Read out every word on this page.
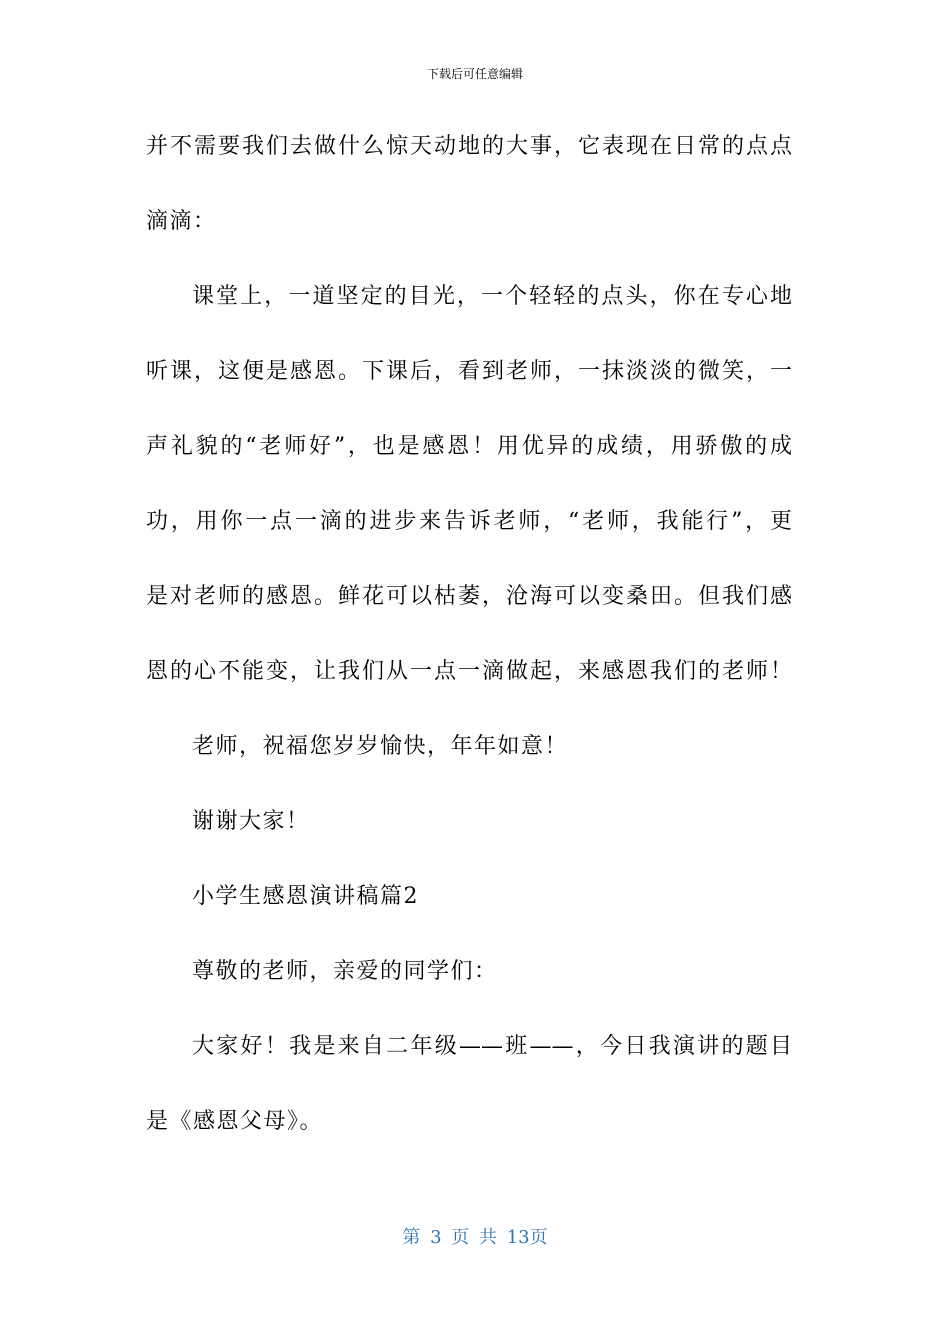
下载后可任意编辑
并不需要我们去做什么惊天动地的大事，它表现在日常的点点
滴滴：
课堂上，一道坚定的目光，一个轻轻的点头，你在专心地
听课，这便是感恩。下课后，看到老师，一抹淡淡的微笑，一
声礼貌的“老师好”，也是感恩！用优异的成绩，用骄傲的成
功，用你一点一滴的进步来告诉老师，“老师，我能行”，更
是对老师的感恩。鲜花可以枯萎，沧海可以变桑田。但我们感
恩的心不能变，让我们从一点一滴做起，来感恩我们的老师！
老师，祝福您岁岁愉快，年年如意！
谢谢大家！
小学生感恩演讲稿篇2
尊敬的老师，亲爱的同学们：
大家好！我是来自二年级——班——，今日我演讲的题目
是《感恩父母》。
第 3 页 共 13页
